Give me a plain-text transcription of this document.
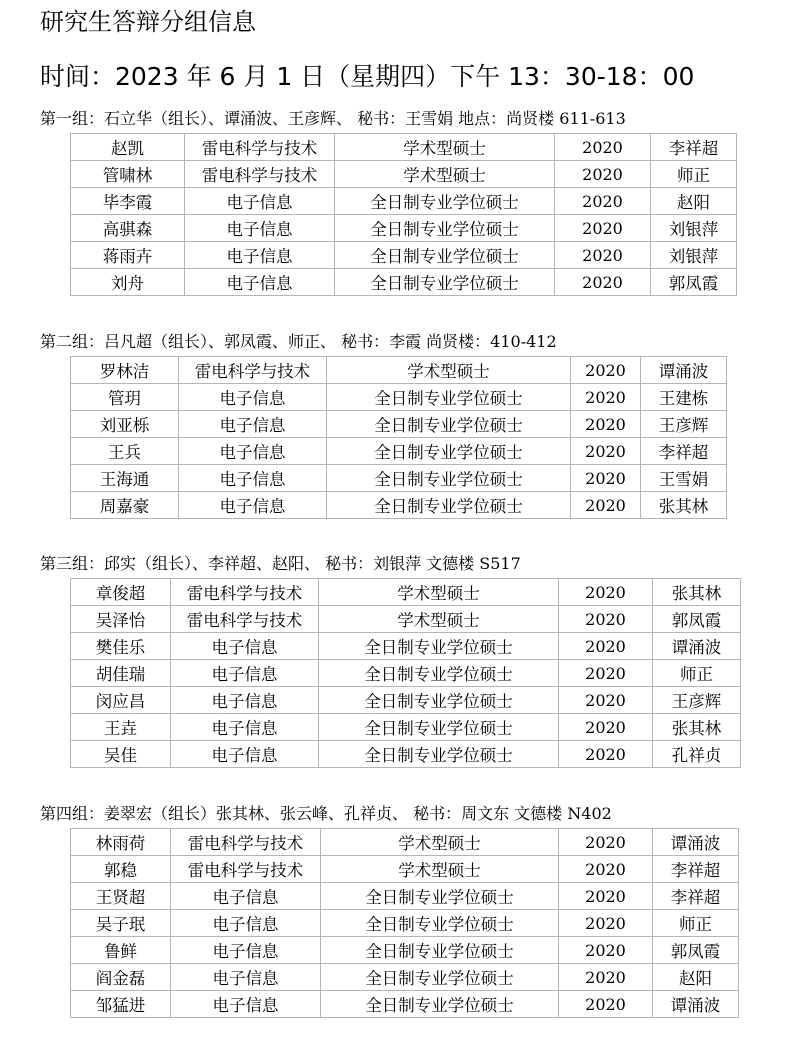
研究生答辩分组信息
时间：2023 年 6 月 1 日（星期四）下午 13：30-18：00
第一组：石立华（组长）、谭涌波、王彦辉、 秘书：王雪娟 地点：尚贤楼 611-613
赵凯	雷电科学与技术	学术型硕士	2020	李祥超
管啸林	雷电科学与技术	学术型硕士	2020	师正
毕李霞	电子信息	全日制专业学位硕士	2020	赵阳
高骐森	电子信息	全日制专业学位硕士	2020	刘银萍
蒋雨卉	电子信息	全日制专业学位硕士	2020	刘银萍
刘舟	电子信息	全日制专业学位硕士	2020	郭凤霞
第二组：吕凡超（组长）、郭凤霞、师正、 秘书：李霞 尚贤楼：410-412
罗林洁	雷电科学与技术	学术型硕士	2020	谭涌波
管玥	电子信息	全日制专业学位硕士	2020	王建栋
刘亚栎	电子信息	全日制专业学位硕士	2020	王彦辉
王兵	电子信息	全日制专业学位硕士	2020	李祥超
王海通	电子信息	全日制专业学位硕士	2020	王雪娟
周嘉豪	电子信息	全日制专业学位硕士	2020	张其林
第三组：邱实（组长）、李祥超、赵阳、 秘书：刘银萍 文德楼 S517
章俊超	雷电科学与技术	学术型硕士	2020	张其林
吴泽怡	雷电科学与技术	学术型硕士	2020	郭凤霞
樊佳乐	电子信息	全日制专业学位硕士	2020	谭涌波
胡佳瑞	电子信息	全日制专业学位硕士	2020	师正
闵应昌	电子信息	全日制专业学位硕士	2020	王彦辉
王垚	电子信息	全日制专业学位硕士	2020	张其林
吴佳	电子信息	全日制专业学位硕士	2020	孔祥贞
第四组：姜翠宏（组长）张其林、张云峰、孔祥贞、 秘书：周文东 文德楼 N402
林雨荷	雷电科学与技术	学术型硕士	2020	谭涌波
郭稳	雷电科学与技术	学术型硕士	2020	李祥超
王贤超	电子信息	全日制专业学位硕士	2020	李祥超
吴子珉	电子信息	全日制专业学位硕士	2020	师正
鲁鲜	电子信息	全日制专业学位硕士	2020	郭凤霞
阎金磊	电子信息	全日制专业学位硕士	2020	赵阳
邹猛进	电子信息	全日制专业学位硕士	2020	谭涌波
